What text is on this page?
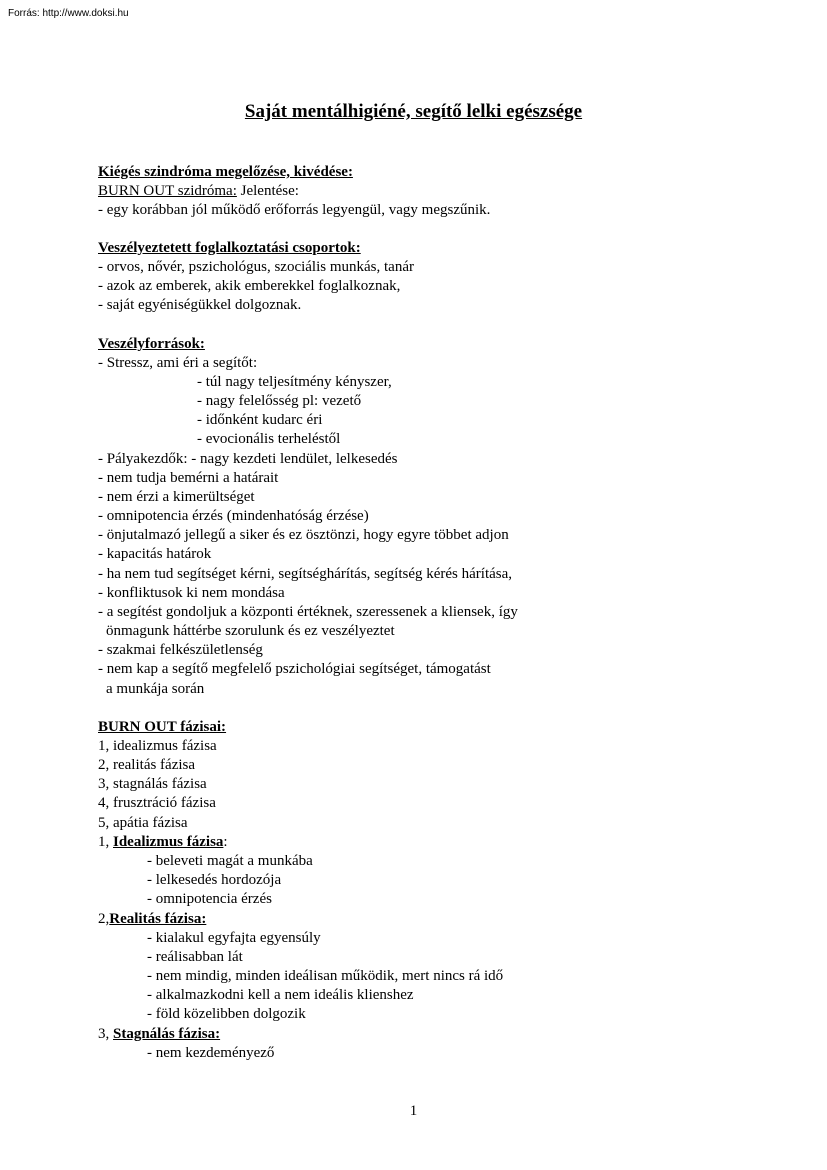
Forrás: http://www.doksi.hu
Saját mentálhigiéné, segítő lelki egészsége
Kiégés szindróma megelőzése, kivédése:
BURN OUT szidróma: Jelentése:
- egy korábban jól működő erőforrás legyengül, vagy megszűnik.
Veszélyeztetett foglalkoztatási csoportok:
- orvos, nővér, pszichológus, szociális munkás, tanár
- azok az emberek, akik emberekkel foglalkoznak,
- saját egyéniségükkel dolgoznak.
Veszélyforrások:
- Stressz, ami éri a segítőt:
- túl nagy teljesítmény kényszer,
- nagy felelősség pl: vezető
- időnként kudarc éri
- evocionális terheléstől
- Pályakezdők: - nagy kezdeti lendület, lelkesedés
- nem tudja bemérni a határait
- nem érzi a kimerültséget
- omnipotencia érzés (mindenhatóság érzése)
- önjutalmazó jellegű a siker és ez ösztönzi, hogy egyre többet adjon
- kapacitás határok
- ha nem tud segítséget kérni, segítséghárítás, segítség kérés hárítása,
- konfliktusok ki nem mondása
- a segítést gondoljuk a központi értéknek, szeressenek a kliensek, így
önmagunk háttérbe szorulunk és ez veszélyeztet
- szakmai felkészületlenség
- nem kap a segítő megfelelő pszichológiai segítséget, támogatást
a munkája során
BURN OUT fázisai:
1, idealizmus fázisa
2, realitás fázisa
3, stagnálás fázisa
4, frusztráció fázisa
5, apátia fázisa
1, Idealizmus fázisa:
- beleveti magát a munkába
- lelkesedés hordozója
- omnipotencia érzés
2,Realitás fázisa:
- kialakul egyfajta egyensúly
- reálisabban lát
- nem mindig, minden ideálisan működik, mert nincs rá idő
- alkalmazkodni kell a nem ideális klienshez
- föld közelibben dolgozik
3, Stagnálás fázisa:
- nem kezdeményező
1
